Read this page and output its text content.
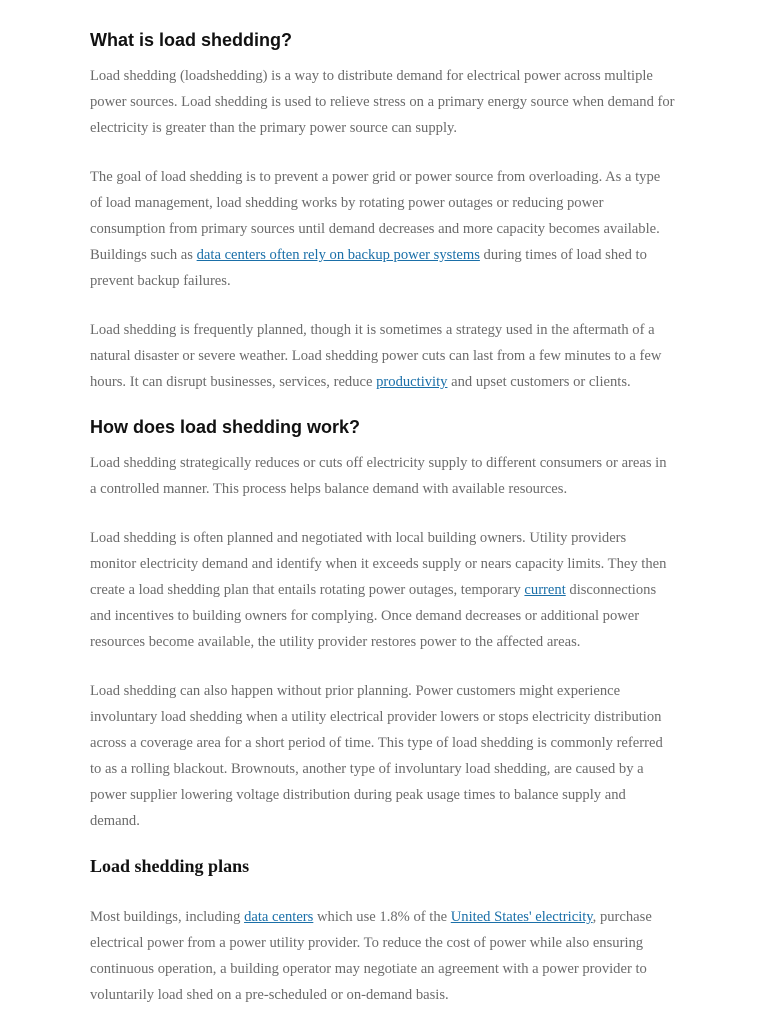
What is load shedding?

Load shedding (loadshedding) is a way to distribute demand for electrical power across multiple power sources. Load shedding is used to relieve stress on a primary energy source when demand for electricity is greater than the primary power source can supply.

The goal of load shedding is to prevent a power grid or power source from overloading. As a type of load management, load shedding works by rotating power outages or reducing power consumption from primary sources until demand decreases and more capacity becomes available. Buildings such as data centers often rely on backup power systems during times of load shed to prevent backup failures.

Load shedding is frequently planned, though it is sometimes a strategy used in the aftermath of a natural disaster or severe weather. Load shedding power cuts can last from a few minutes to a few hours. It can disrupt businesses, services, reduce productivity and upset customers or clients.

How does load shedding work?

Load shedding strategically reduces or cuts off electricity supply to different consumers or areas in a controlled manner. This process helps balance demand with available resources.

Load shedding is often planned and negotiated with local building owners. Utility providers monitor electricity demand and identify when it exceeds supply or nears capacity limits. They then create a load shedding plan that entails rotating power outages, temporary current disconnections and incentives to building owners for complying. Once demand decreases or additional power resources become available, the utility provider restores power to the affected areas.

Load shedding can also happen without prior planning. Power customers might experience involuntary load shedding when a utility electrical provider lowers or stops electricity distribution across a coverage area for a short period of time. This type of load shedding is commonly referred to as a rolling blackout. Brownouts, another type of involuntary load shedding, are caused by a power supplier lowering voltage distribution during peak usage times to balance supply and demand.

Load shedding plans

Most buildings, including data centers which use 1.8% of the United States' electricity, purchase electrical power from a power utility provider. To reduce the cost of power while also ensuring continuous operation, a building operator may negotiate an agreement with a power provider to voluntarily load shed on a pre-scheduled or on-demand basis.
